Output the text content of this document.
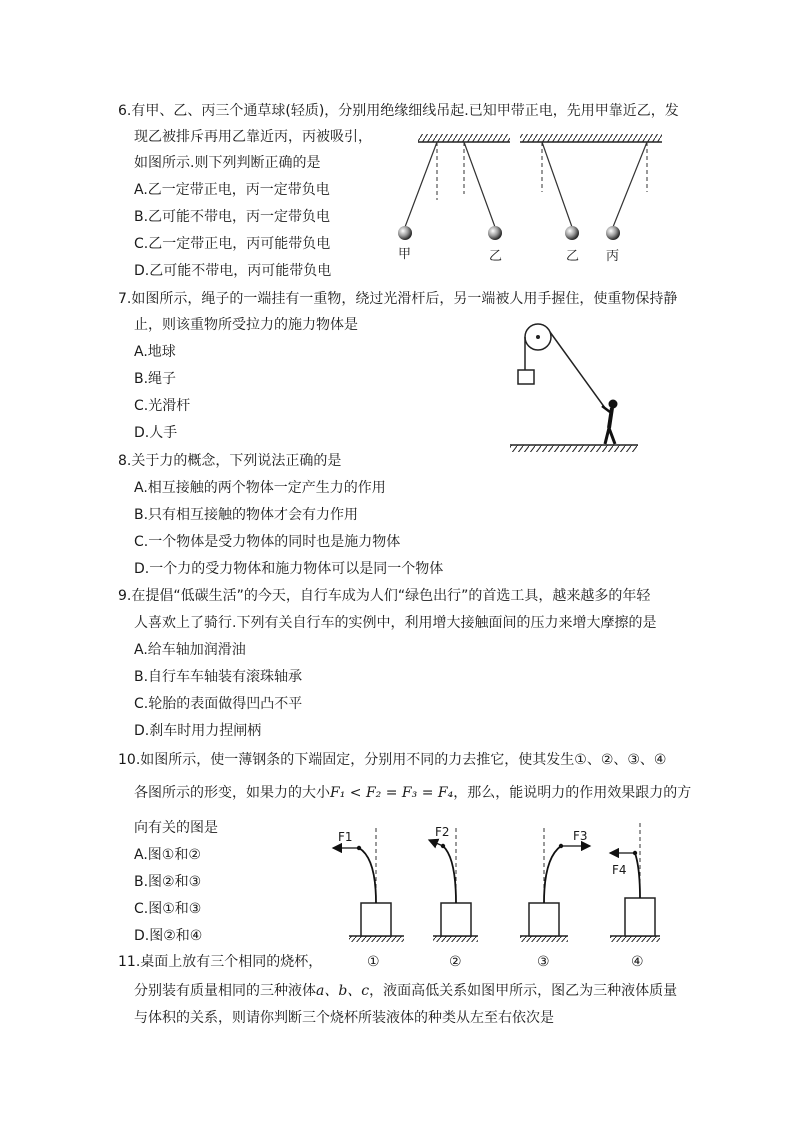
6.有甲、乙、丙三个通草球(轻质)，分别用绝缘细线吊起.已知甲带正电，先用甲靠近乙，发
现乙被排斥再用乙靠近丙，丙被吸引，
如图所示.则下列判断正确的是
A.乙一定带正电，丙一定带负电
B.乙可能不带电，丙一定带负电
C.乙一定带正电，丙可能带负电
D.乙可能不带电，丙可能带负电
甲	乙	乙 丙
7.如图所示，绳子的一端挂有一重物，绕过光滑杆后，另一端被人用手握住，使重物保持静
止，则该重物所受拉力的施力物体是
A.地球
B.绳子
C.光滑杆
D.人手
8.关于力的概念，下列说法正确的是
A.相互接触的两个物体一定产生力的作用
B.只有相互接触的物体才会有力作用
C.一个物体是受力物体的同时也是施力物体
D.一个力的受力物体和施力物体可以是同一个物体
9.在提倡“低碳生活”的今天，自行车成为人们“绿色出行”的首选工具，越来越多的年轻
人喜欢上了骑行.下列有关自行车的实例中，利用增大接触面间的压力来增大摩擦的是
A.给车轴加润滑油
B.自行车车轴装有滚珠轴承
C.轮胎的表面做得凹凸不平
D.刹车时用力捏闸柄
10.如图所示，使一薄钢条的下端固定，分别用不同的力去推它，使其发生①、②、③、④
各图所示的形变，如果力的大小F₁ < F₂ = F₃ = F₄，那么，能说明力的作用效果跟力的方
向有关的图是
A.图①和②
B.图②和③
C.图①和③
D.图②和④
F1	F2	F3
F4
①	②	③	④
11.桌面上放有三个相同的烧杯，
分别装有质量相同的三种液体a、b、c，液面高低关系如图甲所示，图乙为三种液体质量
与体积的关系，则请你判断三个烧杯所装液体的种类从左至右依次是
